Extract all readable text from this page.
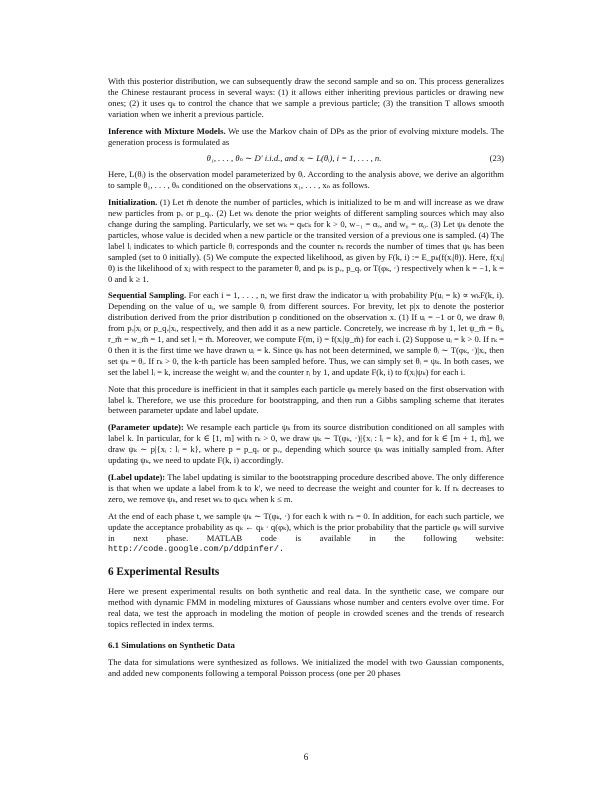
With this posterior distribution, we can subsequently draw the second sample and so on. This process generalizes the Chinese restaurant process in several ways: (1) it allows either inheriting previous particles or drawing new ones; (2) it uses qₖ to control the chance that we sample a previous particle; (3) the transition T allows smooth variation when we inherit a previous particle.

Inference with Mixture Models. We use the Markov chain of DPs as the prior of evolving mixture models. The generation process is formulated as

θ₁, . . . , θₙ ∼ D′ i.i.d., and xᵢ ∼ L(θᵢ), i = 1, . . . , n.	(23)

Here, L(θᵢ) is the observation model parameterized by θᵢ. According to the analysis above, we derive an algorithm to sample θ₁, . . . , θₙ conditioned on the observations x₁, . . . , xₙ as follows.

Initialization. (1) Let m̃ denote the number of particles, which is initialized to be m and will increase as we draw new particles from pᵥ or p_qᵥ. (2) Let wₖ denote the prior weights of different sampling sources which may also change during the sampling. Particularly, we set wₖ = qₖcₖ for k > 0, w₋₁ = αᵥ, and w₀ = α₀. (3) Let ψₖ denote the particles, whose value is decided when a new particle or the transited version of a previous one is sampled. (4) The label lᵢ indicates to which particle θᵢ corresponds and the counter rₖ records the number of times that ψₖ has been sampled (set to 0 initially). (5) We compute the expected likelihood, as given by F(k, i) := E_pₖ(f(xᵢ|θ)). Here, f(xⱼ|θ) is the likelihood of xⱼ with respect to the parameter θ, and pₖ is pᵥ, p_qᵥ or T(φₖ, ·) respectively when k = −1, k = 0 and k ≥ 1.

Sequential Sampling. For each i = 1, . . . , n, we first draw the indicator uᵢ with probability P(uᵢ = k) ∝ wₖF(k, i). Depending on the value of uᵢ, we sample θᵢ from different sources. For brevity, let p|x to denote the posterior distribution derived from the prior distribution p conditioned on the observation x. (1) If uᵢ = −1 or 0, we draw θᵢ from pᵥ|xᵢ or p_qᵥ|xᵢ, respectively, and then add it as a new particle. Concretely, we increase m̃ by 1, let ψ_m̃ = θⱼ, r_m̃ = w_m̃ = 1, and set lᵢ = m̃. Moreover, we compute F(m, i) = f(xᵢ|ψ_m̃) for each i. (2) Suppose uᵢ = k > 0. If rₖ = 0 then it is the first time we have drawn uᵢ = k. Since ψₖ has not been determined, we sample θᵢ ∼ T(φₖ, ·)|xᵢ, then set ψₖ = θᵢ. If rₖ > 0, the k-th particle has been sampled before. Thus, we can simply set θᵢ = ψₖ. In both cases, we set the label lᵢ = k, increase the weight wᵢ and the counter rᵢ by 1, and update F(k, i) to f(xᵢ|ψₖ) for each i.

Note that this procedure is inefficient in that it samples each particle φₖ merely based on the first observation with label k. Therefore, we use this procedure for bootstrapping, and then run a Gibbs sampling scheme that iterates between parameter update and label update.

(Parameter update): We resample each particle ψₖ from its source distribution conditioned on all samples with label k. In particular, for k ∈ [1, m] with rₖ > 0, we draw ψₖ ∼ T(φₖ, ·)|{xᵢ : lᵢ = k}, and for k ∈ [m + 1, m̃], we draw ψₖ ∼ p|{xᵢ : lᵢ = k}, where p = p_qᵥ or pᵥ, depending which source ψₖ was initially sampled from. After updating ψₖ, we need to update F(k, i) accordingly.

(Label update): The label updating is similar to the bootstrapping procedure described above. The only difference is that when we update a label from k to k′, we need to decrease the weight and counter for k. If rₖ decreases to zero, we remove ψₖ, and reset wₖ to qₖcₖ when k ≤ m.

At the end of each phase t, we sample ψₖ ∼ T(φₖ, ·) for each k with rₖ = 0. In addition, for each such particle, we update the acceptance probability as qₖ ← qₖ · q(φₖ), which is the prior probability that the particle φₖ will survive in next phase. MATLAB code is available in the following website: http://code.google.com/p/ddpinfer/.

6 Experimental Results

Here we present experimental results on both synthetic and real data. In the synthetic case, we compare our method with dynamic FMM in modeling mixtures of Gaussians whose number and centers evolve over time. For real data, we test the approach in modeling the motion of people in crowded scenes and the trends of research topics reflected in index terms.

6.1 Simulations on Synthetic Data

The data for simulations were synthesized as follows. We initialized the model with two Gaussian components, and added new components following a temporal Poisson process (one per 20 phases

6
